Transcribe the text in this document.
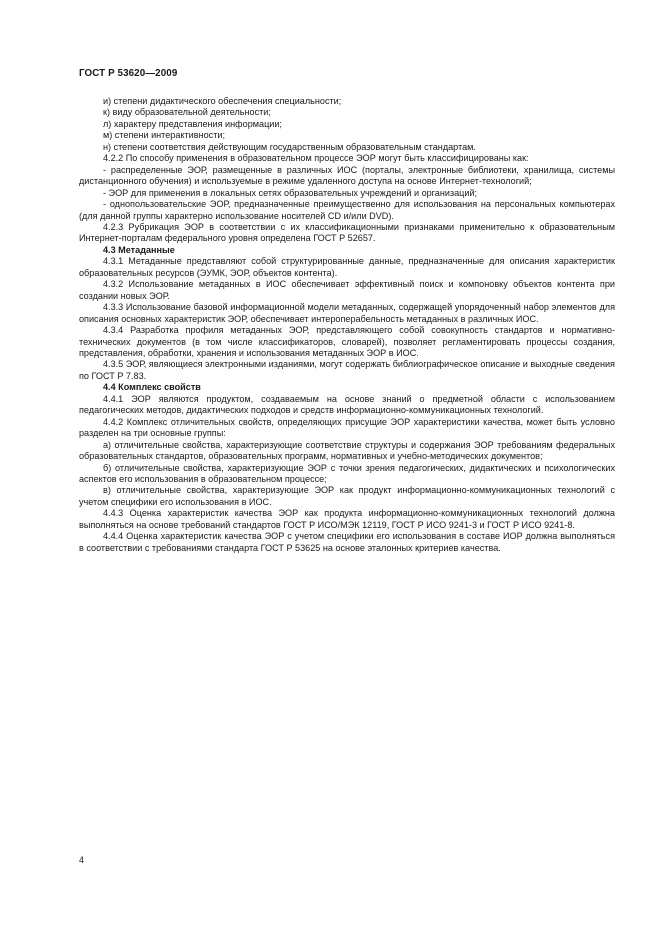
ГОСТ Р 53620—2009

и) степени дидактического обеспечения специальности;

к) виду образовательной деятельности;

л) характеру представления информации;

м) степени интерактивности;

н) степени соответствия действующим государственным образовательным стандартам.

4.2.2 По способу применения в образовательном процессе ЭОР могут быть классифицированы как:

- распределенные ЭОР, размещенные в различных ИОС (порталы, электронные библиотеки, хранилища, системы дистанционного обучения) и используемые в режиме удаленного доступа на основе Интернет-технологий;

- ЭОР для применения в локальных сетях образовательных учреждений и организаций;

- однопользовательские ЭОР, предназначенные преимущественно для использования на персональных компьютерах (для данной группы характерно использование носителей CD и/или DVD).

4.2.3 Рубрикация ЭОР в соответствии с их классификационными признаками применительно к образовательным Интернет-порталам федерального уровня определена ГОСТ Р 52657.

4.3 Метаданные

4.3.1 Метаданные представляют собой структурированные данные, предназначенные для описания характеристик образовательных ресурсов (ЭУМК, ЭОР, объектов контента).

4.3.2 Использование метаданных в ИОС обеспечивает эффективный поиск и компоновку объектов контента при создании новых ЭОР.

4.3.3 Использование базовой информационной модели метаданных, содержащей упорядоченный набор элементов для описания основных характеристик ЭОР, обеспечивает интероперабельность метаданных в различных ИОС.

4.3.4 Разработка профиля метаданных ЭОР, представляющего собой совокупность стандартов и нормативно-технических документов (в том числе классификаторов, словарей), позволяет регламентировать процессы создания, представления, обработки, хранения и использования метаданных ЭОР в ИОС.

4.3.5 ЭОР, являющиеся электронными изданиями, могут содержать библиографическое описание и выходные сведения по ГОСТ Р 7.83.

4.4 Комплекс свойств

4.4.1 ЭОР являются продуктом, создаваемым на основе знаний о предметной области с использованием педагогических методов, дидактических подходов и средств информационно-коммуникационных технологий.

4.4.2 Комплекс отличительных свойств, определяющих присущие ЭОР характеристики качества, может быть условно разделен на три основные группы:

а) отличительные свойства, характеризующие соответствие структуры и содержания ЭОР требованиям федеральных образовательных стандартов, образовательных программ, нормативных и учебно-методических документов;

б) отличительные свойства, характеризующие ЭОР с точки зрения педагогических, дидактических и психологических аспектов его использования в образовательном процессе;

в) отличительные свойства, характеризующие ЭОР как продукт информационно-коммуникационных технологий с учетом специфики его использования в ИОС.

4.4.3 Оценка характеристик качества ЭОР как продукта информационно-коммуникационных технологий должна выполняться на основе требований стандартов ГОСТ Р ИСО/МЭК 12119, ГОСТ Р ИСО 9241-3 и ГОСТ Р ИСО 9241-8.

4.4.4 Оценка характеристик качества ЭОР с учетом специфики его использования в составе ИОР должна выполняться в соответствии с требованиями стандарта ГОСТ Р 53625 на основе эталонных критериев качества.

4
